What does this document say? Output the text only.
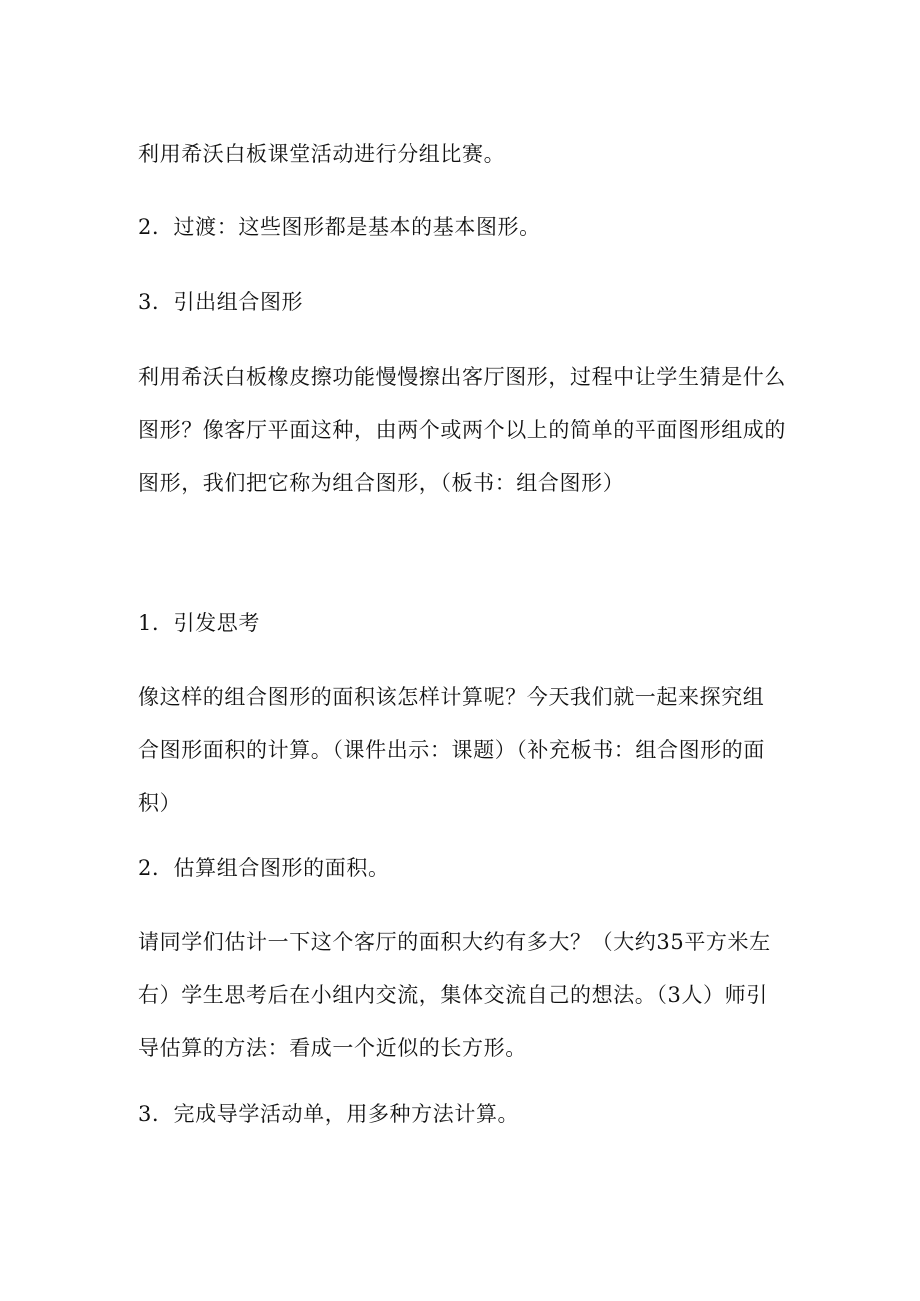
利用希沃白板课堂活动进行分组比赛。

2．过渡：这些图形都是基本的基本图形。

3．引出组合图形

利用希沃白板橡皮擦功能慢慢擦出客厅图形，过程中让学生猜是什么
图形？像客厅平面这种，由两个或两个以上的简单的平面图形组成的
图形，我们把它称为组合图形，（板书：组合图形）

1．引发思考

像这样的组合图形的面积该怎样计算呢？今天我们就一起来探究组
合图形面积的计算。（课件出示：课题）（补充板书：组合图形的面
积）

2．估算组合图形的面积。

请同学们估计一下这个客厅的面积大约有多大？（大约35平方米左
右）学生思考后在小组内交流，集体交流自己的想法。（3人）师引
导估算的方法：看成一个近似的长方形。

3．完成导学活动单，用多种方法计算。
